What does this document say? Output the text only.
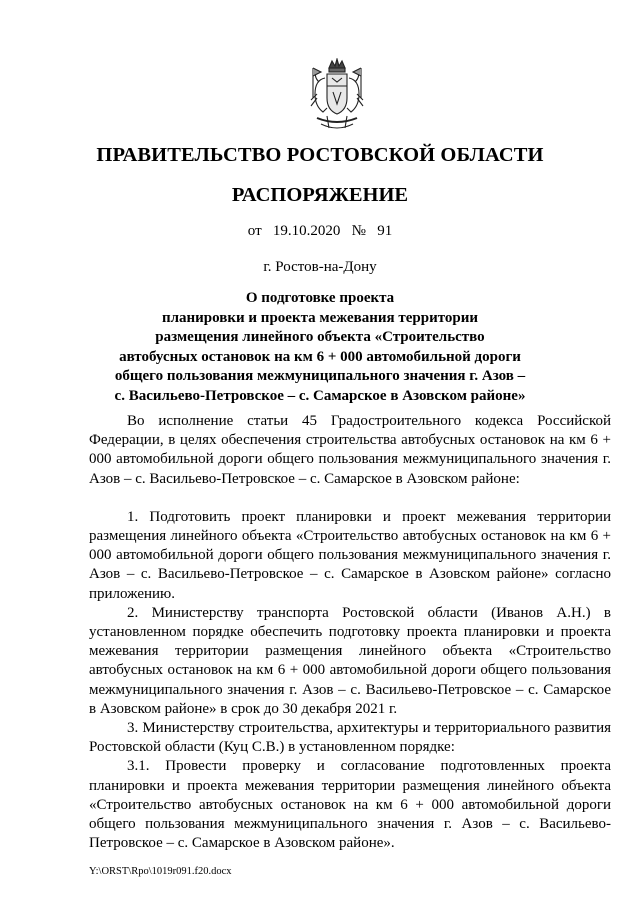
ПРАВИТЕЛЬСТВО РОСТОВСКОЙ ОБЛАСТИ
РАСПОРЯЖЕНИЕ
от 19.10.2020 № 91
г. Ростов-на-Дону
О подготовке проекта
планировки и проекта межевания территории
размещения линейного объекта «Строительство
автобусных остановок на км 6 + 000 автомобильной дороги
общего пользования межмуниципального значения г. Азов –
с. Васильево-Петровское – с. Самарское в Азовском районе»

Во исполнение статьи 45 Градостроительного кодекса Российской Федерации, в целях обеспечения строительства автобусных остановок на км 6 + 000 автомобильной дороги общего пользования межмуниципального значения г. Азов – с. Васильево-Петровское – с. Самарское в Азовском районе:

1. Подготовить проект планировки и проект межевания территории размещения линейного объекта «Строительство автобусных остановок на км 6 + 000 автомобильной дороги общего пользования межмуниципального значения г. Азов – с. Васильево-Петровское – с. Самарское в Азовском районе» согласно приложению.

2. Министерству транспорта Ростовской области (Иванов А.Н.) в установленном порядке обеспечить подготовку проекта планировки и проекта межевания территории размещения линейного объекта «Строительство автобусных остановок на км 6 + 000 автомобильной дороги общего пользования межмуниципального значения г. Азов – с. Васильево-Петровское – с. Самарское в Азовском районе» в срок до 30 декабря 2021 г.

3. Министерству строительства, архитектуры и территориального развития Ростовской области (Куц С.В.) в установленном порядке:

3.1. Провести проверку и согласование подготовленных проекта планировки и проекта межевания территории размещения линейного объекта «Строительство автобусных остановок на км 6 + 000 автомобильной дороги общего пользования межмуниципального значения г. Азов – с. Васильево-Петровское – с. Самарское в Азовском районе».

Y:\ORST\Rpo\1019r091.f20.docx
